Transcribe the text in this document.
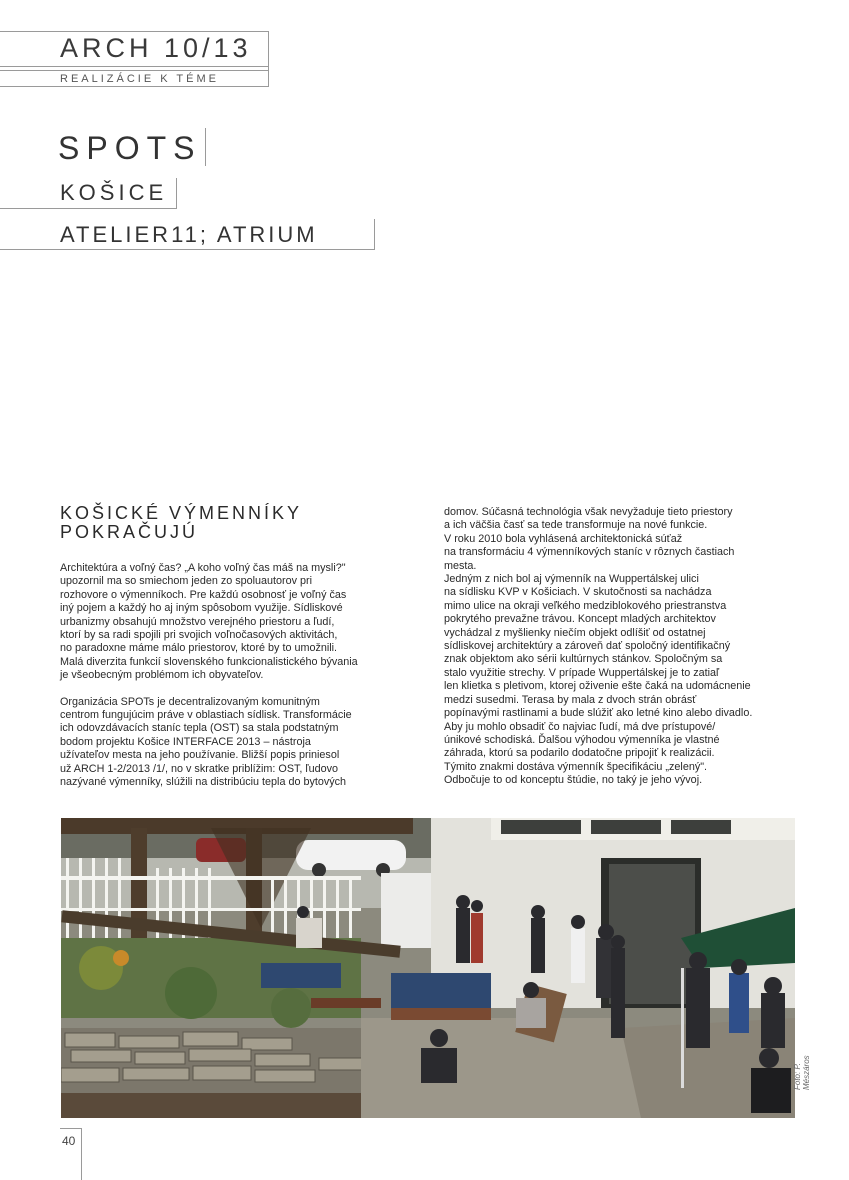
ARCH 10/13
REALIZÁCIE K TÉME
SPOTS
KOŠICE
ATELIER11; ATRIUM
KOŠICKÉ VÝMENNÍKY
POKRAČUJÚ

Architektúra a voľný čas? „A koho voľný čas máš na mysli?"

upozornil ma so smiechom jeden zo spoluautorov pri

rozhovore o výmenníkoch. Pre každú osobnosť je voľný čas

iný pojem a každý ho aj iným spôsobom využije. Sídliskové

urbanizmy obsahujú množstvo verejného priestoru a ľudí,

ktorí by sa radi spojili pri svojich voľnočasových aktivitách,

no paradoxne máme málo priestorov, ktoré by to umožnili.

Malá diverzita funkcií slovenského funkcionalistického bývania

je všeobecným problémom ich obyvateľov.

Organizácia SPOTs je decentralizovaným komunitným

centrom fungujúcim práve v oblastiach sídlisk. Transformácie

ich odovzdávacích staníc tepla (OST) sa stala podstatným

bodom projektu Košice INTERFACE 2013 – nástroja

užívateľov mesta na jeho používanie. Bližší popis priniesol

už ARCH 1-2/2013 /1/, no v skratke priblížim: OST, ľudovo

nazývané výmenníky, slúžili na distribúciu tepla do bytových

domov. Súčasná technológia však nevyžaduje tieto priestory

a ich väčšia časť sa tede transformuje na nové funkcie.

V roku 2010 bola vyhlásená architektonická súťaž

na transformáciu 4 výmenníkových staníc v rôznych častiach

mesta.

Jedným z nich bol aj výmenník na Wuppertálskej ulici

na sídlisku KVP v Košiciach. V skutočnosti sa nachádza

mimo ulice na okraji veľkého medziblokového priestranstva

pokrytého prevažne trávou. Koncept mladých architektov

vychádzal z myšlienky niečím objekt odlíšiť od ostatnej

sídliskovej architektúry a zároveň dať spoločný identifikačný

znak objektom ako sérii kultúrnych stánkov. Spoločným sa

stalo využitie strechy. V prípade Wuppertálskej je to zatiaľ

len klietka s pletivom, ktorej oživenie ešte čaká na udomácnenie

medzi susedmi. Terasa by mala z dvoch strán obrásť

popínavými rastlinami a bude slúžiť ako letné kino alebo divadlo.

Aby ju mohlo obsadiť čo najviac ľudí, má dve prístupové/

únikové schodiská. Ďalšou výhodou výmenníka je vlastné

záhrada, ktorú sa podarilo dodatočne pripojiť k realizácii.

Týmito znakmi dostáva výmenník špecifikáciu „zelený".

Odbočuje to od konceptu štúdie, no taký je jeho vývoj.

Foto: P. Mészáros
40
